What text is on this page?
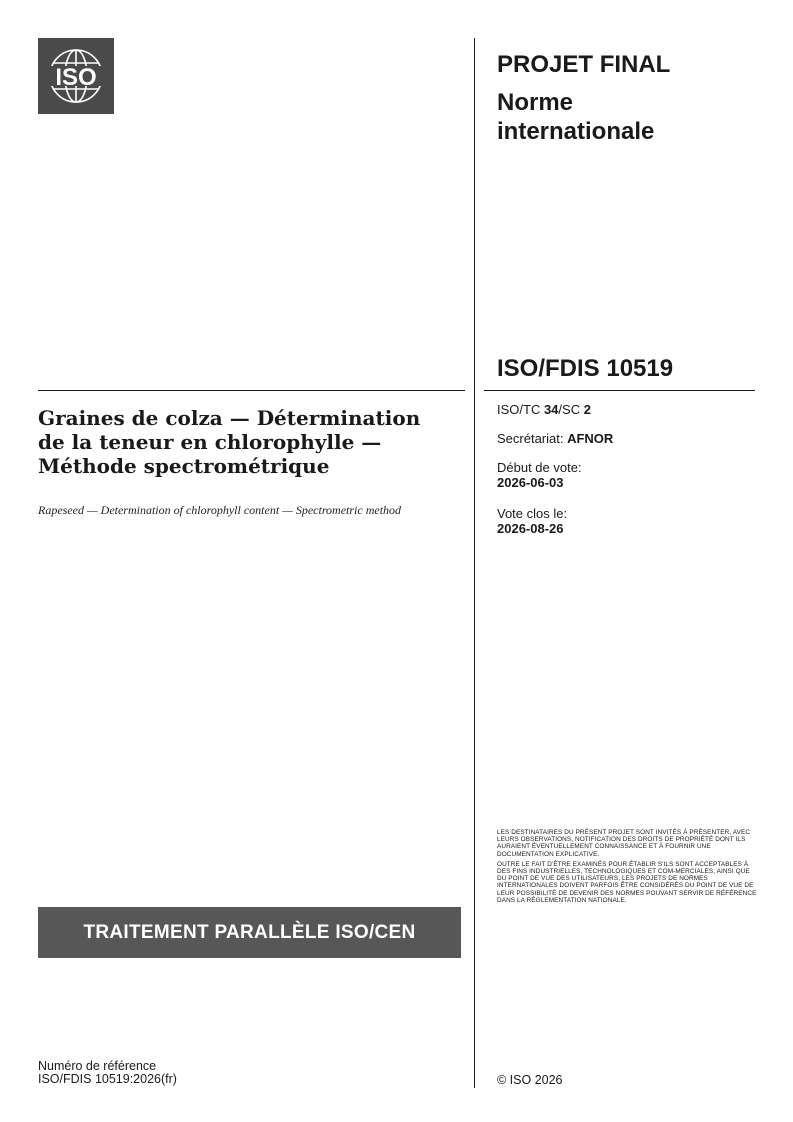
ISO	PROJET FINAL
Norme internationale
ISO/FDIS 10519
Graines de colza — Détermination de la teneur en chlorophylle — Méthode spectrométrique

Rapeseed — Determination of chlorophyll content — Spectrometric method

ISO/TC 34/SC 2
Secrétariat: AFNOR
Début de vote:
2026-06-03
Vote clos le:
2026-08-26

LES DESTINATAIRES DU PRÉSENT PROJET SONT INVITÉS À PRÉSENTER, AVEC LEURS OBSERVATIONS, NOTIFICATION DES DROITS DE PROPRIÉTÉ DONT ILS AURAIENT ÉVENTUELLEMENT CONNAISSANCE ET À FOURNIR UNE DOCUMENTATION EXPLICATIVE.

OUTRE LE FAIT D'ÊTRE EXAMINÉS POUR ÉTABLIR S'ILS SONT ACCEPTABLES À DES FINS INDUSTRIELLES, TECHNOLOGIQUES ET COM-MERCIALES, AINSI QUE DU POINT DE VUE DES UTILISATEURS, LES PROJETS DE NORMES INTERNATIONALES DOIVENT PARFOIS ÊTRE CONSIDÉRÉS DU POINT DE VUE DE LEUR POSSIBILITÉ DE DEVENIR DES NORMES POUVANT SERVIR DE RÉFÉRENCE DANS LA RÉGLEMENTATION NATIONALE.

TRAITEMENT PARALLÈLE ISO/CEN
Numéro de référence
ISO/FDIS 10519:2026(fr)	© ISO 2026
